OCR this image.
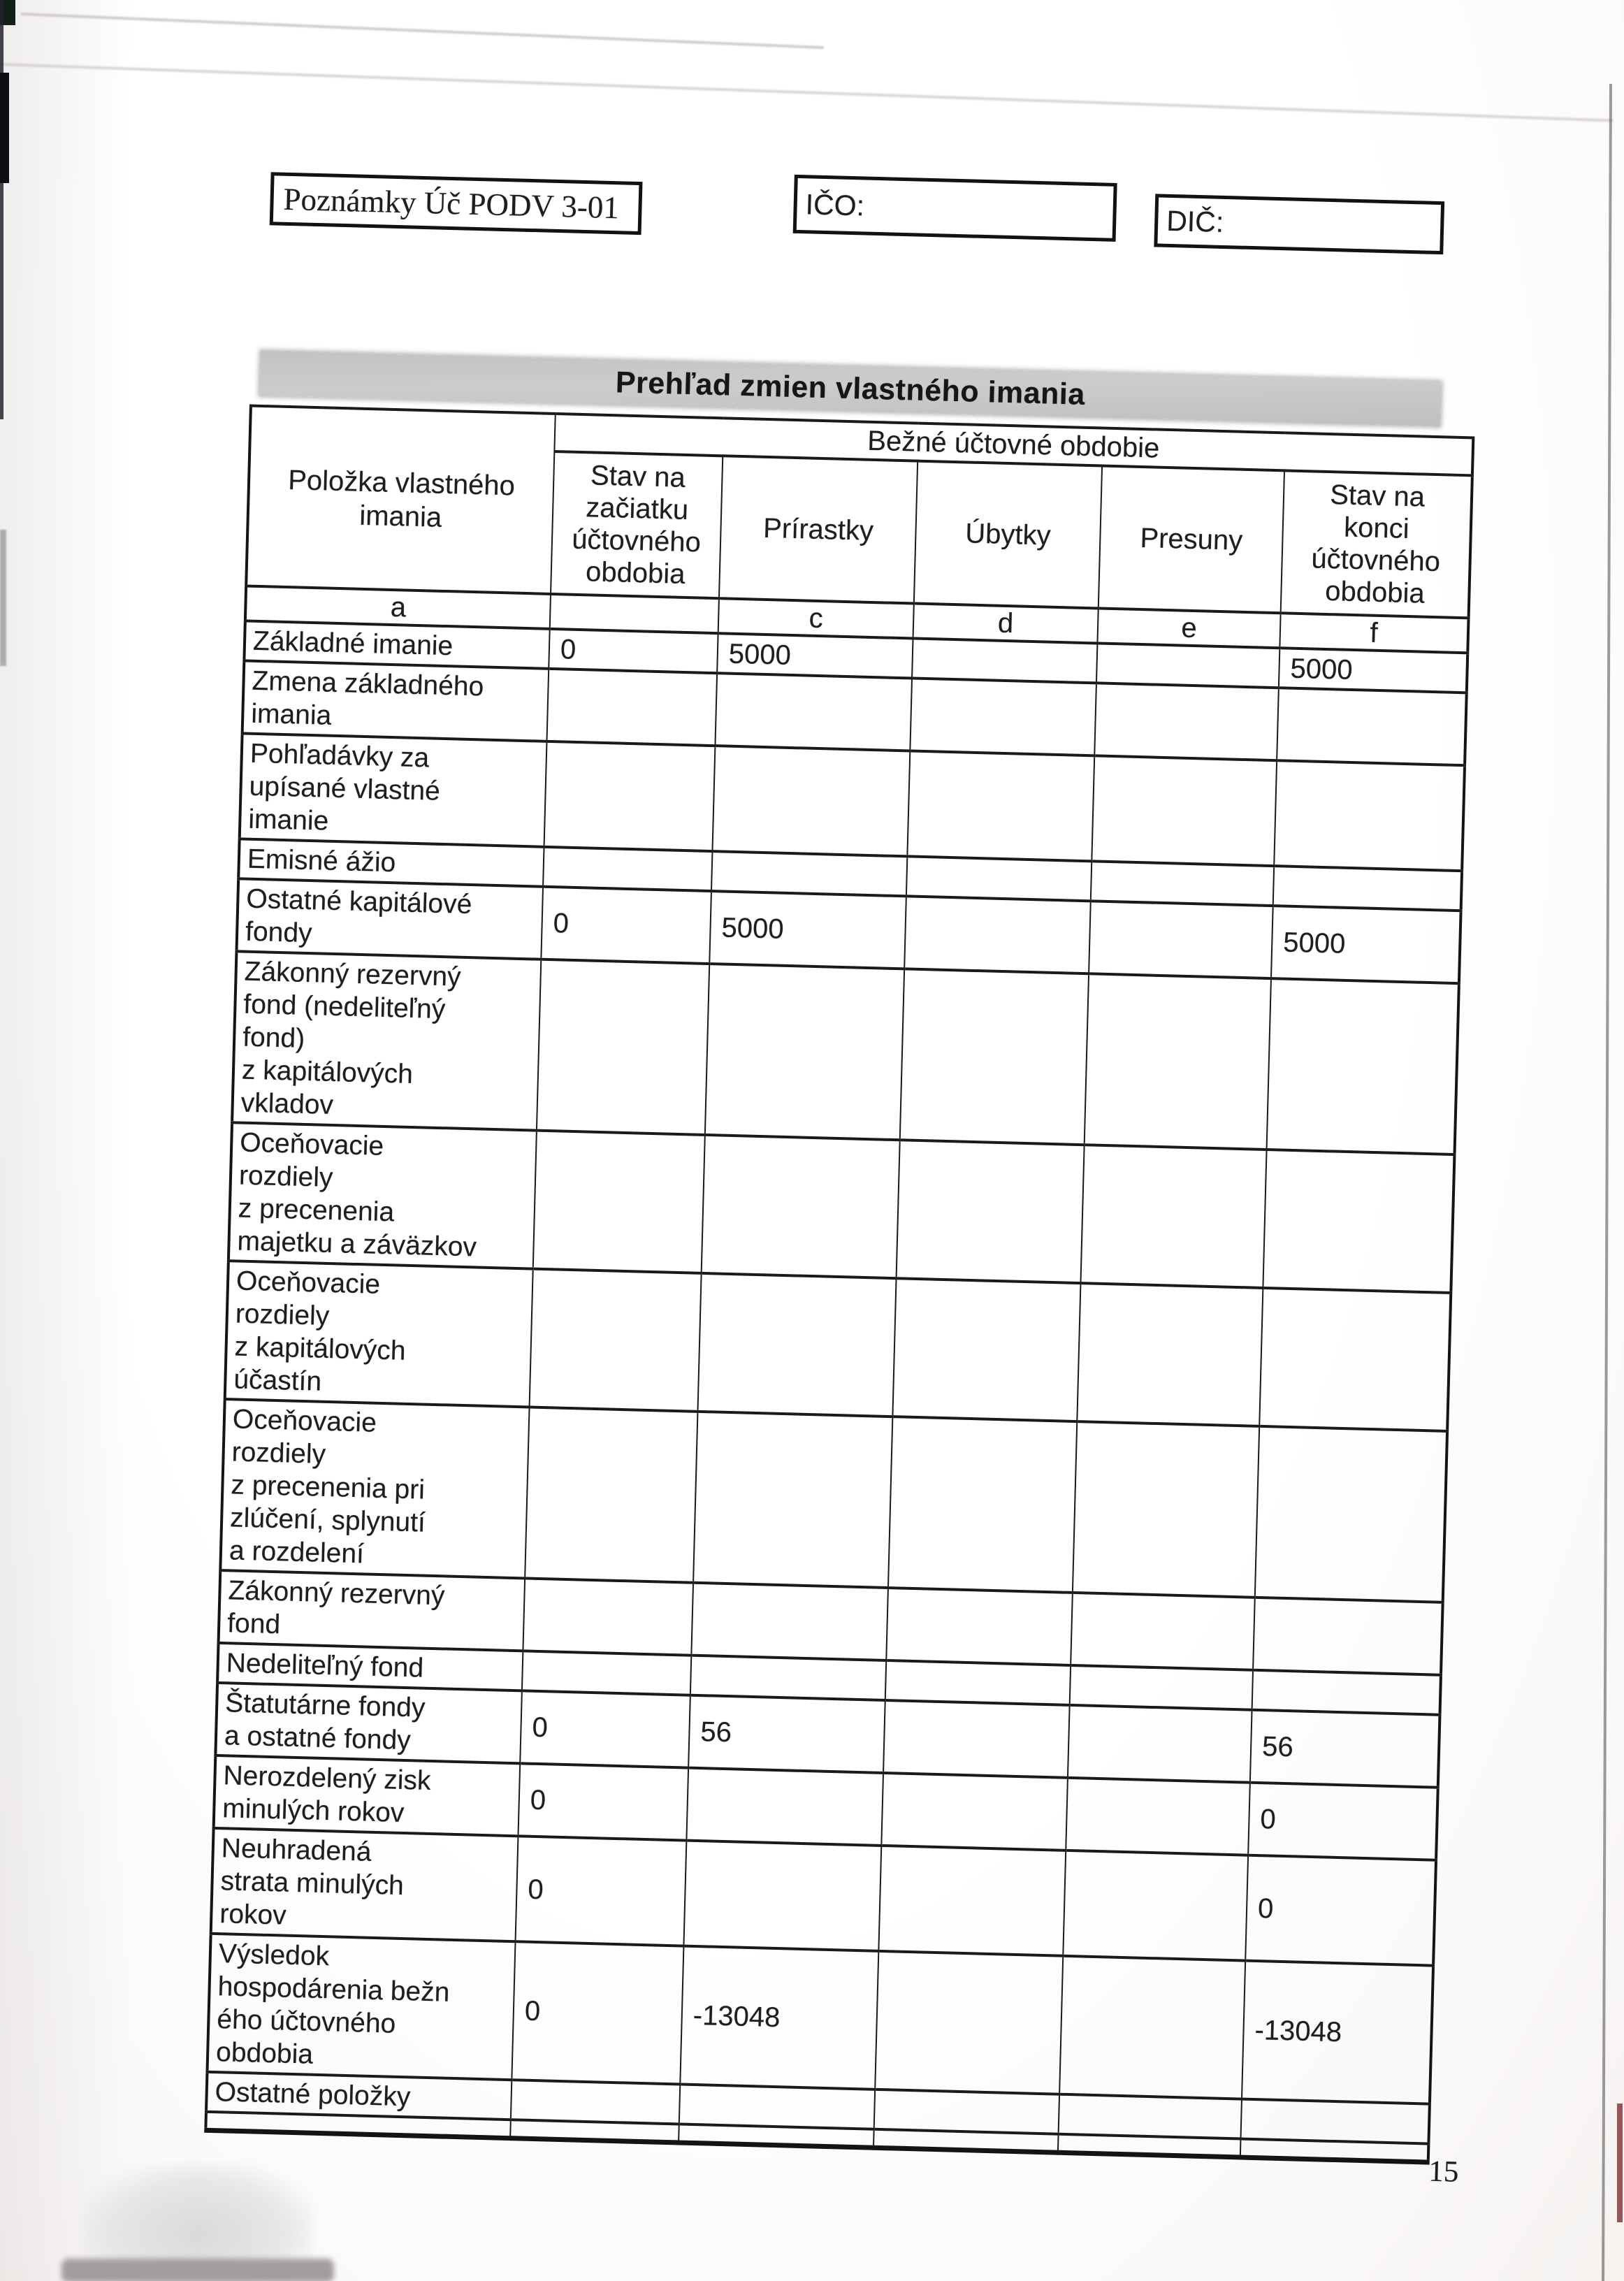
Poznámky Úč PODV 3-01	IČO:	DIČ:
Prehľad zmien vlastného imania
Položka vlastného
imania	Bežné účtovné obdobie				
	Stav na
začiatku
účtovného
obdobia	Prírastky	Úbytky	Presuny	Stav na
konci
účtovného
obdobia
a		c	d	e	f
Základné imanie	0	5000			5000
Zmena základného
imania					
Pohľadávky za
upísané vlastné
imanie					
Emisné ážio					
Ostatné kapitálové
fondy	0	5000			5000
Zákonný rezervný
fond (nedeliteľný
fond)
z kapitálových
vkladov					
Oceňovacie
rozdiely
z precenenia
majetku a záväzkov					
Oceňovacie
rozdiely
z kapitálových
účastín					
Oceňovacie
rozdiely
z precenenia pri
zlúčení, splynutí
a rozdelení					
Zákonný rezervný
fond					
Nedeliteľný fond					
Štatutárne fondy
a ostatné fondy	0	56			56
Nerozdelený zisk
minulých rokov	0				0
Neuhradená
strata minulých
rokov	0				0
Výsledok
hospodárenia bežn
ého účtovného
obdobia	0	-13048			-13048
Ostatné položky					

15
